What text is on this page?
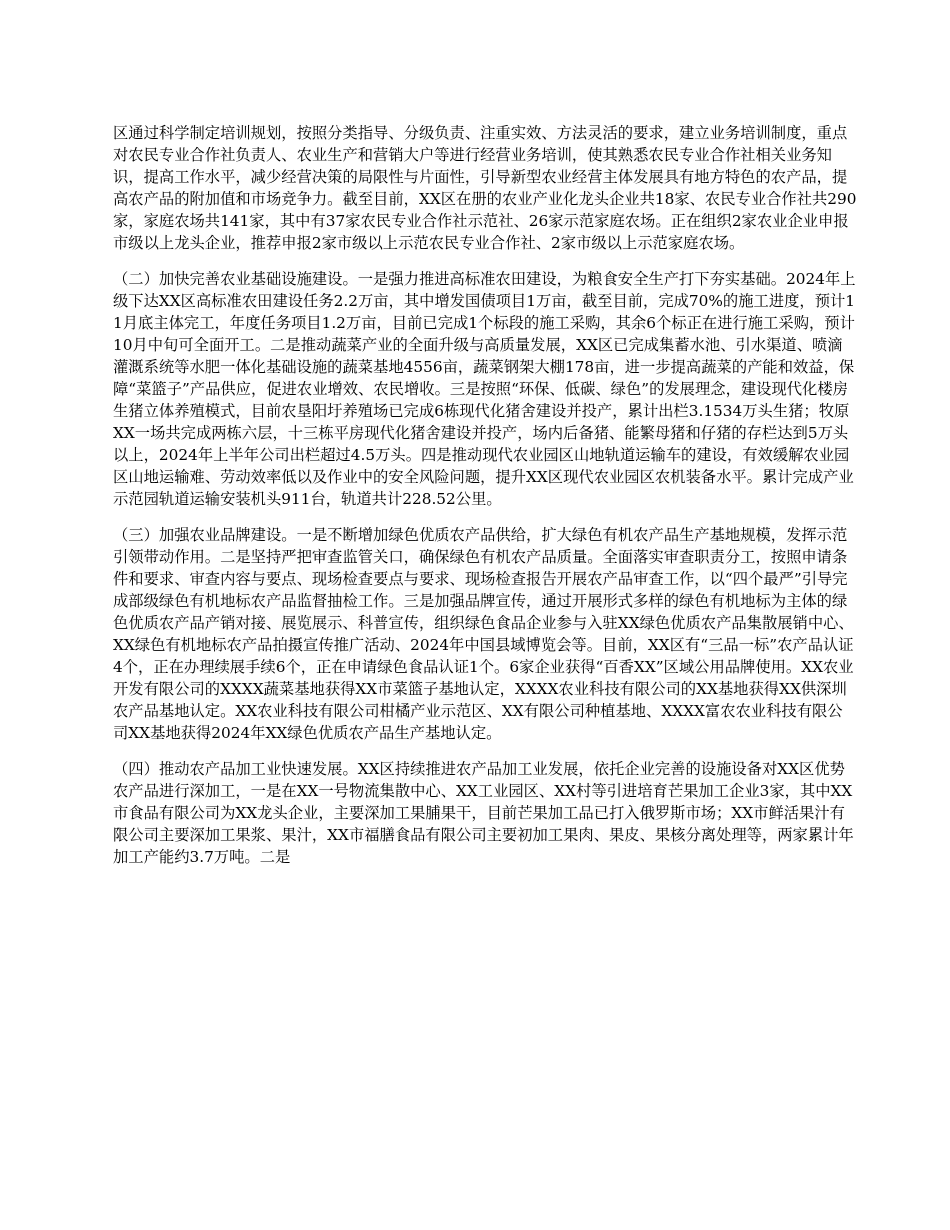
区通过科学制定培训规划，按照分类指导、分级负责、注重实效、方法灵活的要求，建立业务培训制度，重点对农民专业合作社负责人、农业生产和营销大户等进行经营业务培训，使其熟悉农民专业合作社相关业务知识，提高工作水平，减少经营决策的局限性与片面性，引导新型农业经营主体发展具有地方特色的农产品，提高农产品的附加值和市场竞争力。截至目前，XX区在册的农业产业化龙头企业共18家、农民专业合作社共290家，家庭农场共141家，其中有37家农民专业合作社示范社、26家示范家庭农场。正在组织2家农业企业申报市级以上龙头企业，推荐申报2家市级以上示范农民专业合作社、2家市级以上示范家庭农场。

（二）加快完善农业基础设施建设。一是强力推进高标准农田建设，为粮食安全生产打下夯实基础。2024年上级下达XX区高标准农田建设任务2.2万亩，其中增发国债项目1万亩，截至目前，完成70%的施工进度，预计11月底主体完工，年度任务项目1.2万亩，目前已完成1个标段的施工采购，其余6个标正在进行施工采购，预计10月中旬可全面开工。二是推动蔬菜产业的全面升级与高质量发展，XX区已完成集蓄水池、引水渠道、喷滴灌溉系统等水肥一体化基础设施的蔬菜基地4556亩，蔬菜钢架大棚178亩，进一步提高蔬菜的产能和效益，保障“菜篮子”产品供应，促进农业增效、农民增收。三是按照“环保、低碳、绿色”的发展理念，建设现代化楼房生猪立体养殖模式，目前农垦阳圩养殖场已完成6栋现代化猪舍建设并投产，累计出栏3.1534万头生猪；牧原XX一场共完成两栋六层，十三栋平房现代化猪舍建设并投产，场内后备猪、能繁母猪和仔猪的存栏达到5万头以上，2024年上半年公司出栏超过4.5万头。四是推动现代农业园区山地轨道运输车的建设，有效缓解农业园区山地运输难、劳动效率低以及作业中的安全风险问题，提升XX区现代农业园区农机装备水平。累计完成产业示范园轨道运输安装机头911台，轨道共计228.52公里。

（三）加强农业品牌建设。一是不断增加绿色优质农产品供给，扩大绿色有机农产品生产基地规模，发挥示范引领带动作用。二是坚持严把审查监管关口，确保绿色有机农产品质量。全面落实审查职责分工，按照申请条件和要求、审查内容与要点、现场检查要点与要求、现场检查报告开展农产品审查工作，以“四个最严”引导完成部级绿色有机地标农产品监督抽检工作。三是加强品牌宣传，通过开展形式多样的绿色有机地标为主体的绿色优质农产品产销对接、展览展示、科普宣传，组织绿色食品企业参与入驻XX绿色优质农产品集散展销中心、XX绿色有机地标农产品拍摄宣传推广活动、2024年中国县域博览会等。目前，XX区有“三品一标”农产品认证4个，正在办理续展手续6个，正在申请绿色食品认证1个。6家企业获得“百香XX”区域公用品牌使用。XX农业开发有限公司的XXXX蔬菜基地获得XX市菜篮子基地认定，XXXX农业科技有限公司的XX基地获得XX供深圳农产品基地认定。XX农业科技有限公司柑橘产业示范区、XX有限公司种植基地、XXXX富农农业科技有限公司XX基地获得2024年XX绿色优质农产品生产基地认定。

（四）推动农产品加工业快速发展。XX区持续推进农产品加工业发展，依托企业完善的设施设备对XX区优势农产品进行深加工，一是在XX一号物流集散中心、XX工业园区、XX村等引进培育芒果加工企业3家，其中XX市食品有限公司为XX龙头企业，主要深加工果脯果干，目前芒果加工品已打入俄罗斯市场；XX市鲜活果汁有限公司主要深加工果浆、果汁，XX市福膳食品有限公司主要初加工果肉、果皮、果核分离处理等，两家累计年加工产能约3.7万吨。二是
